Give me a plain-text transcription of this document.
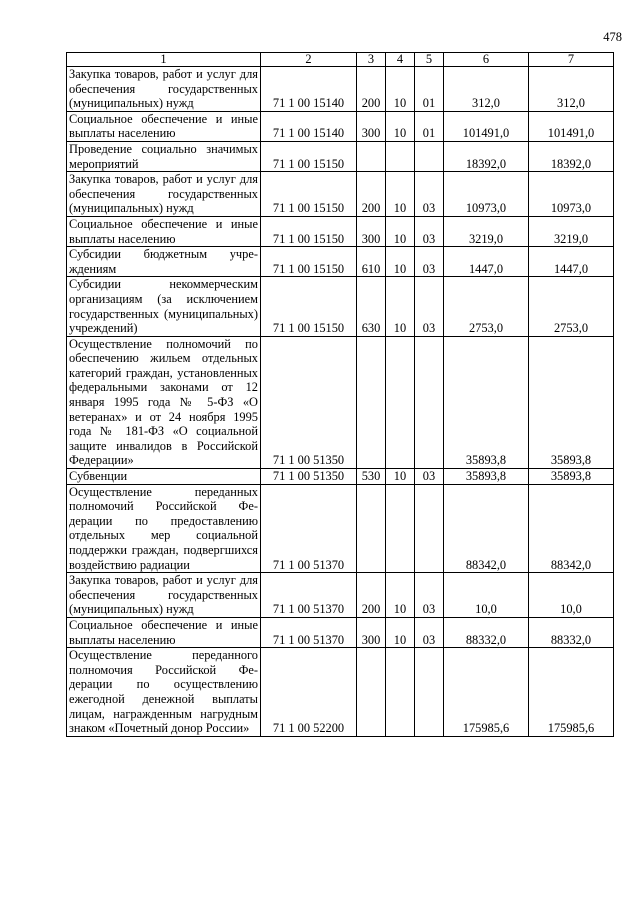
478
1	2	3	4	5	6	7
Закупка товаров, работ и услуг для обеспечения государственных (муниципальных) нужд	71 1 00 15140	200	10	01	312,0	312,0
Социальное обеспечение и иные выплаты населению	71 1 00 15140	300	10	01	101491,0	101491,0
Проведение социально значимых мероприятий	71 1 00 15150				18392,0	18392,0
Закупка товаров, работ и услуг для обеспечения государственных (муниципальных) нужд	71 1 00 15150	200	10	03	10973,0	10973,0
Социальное обеспечение и иные выплаты населению	71 1 00 15150	300	10	03	3219,0	3219,0
Субсидии бюджетным учреждениям	71 1 00 15150	610	10	03	1447,0	1447,0
Субсидии некоммерческим организациям (за исключением государственных (муниципальных) учреждений)	71 1 00 15150	630	10	03	2753,0	2753,0
Осуществление полномочий по обеспечению жильем отдельных категорий граждан, установленных федеральными законами от 12 января 1995 года № 5-ФЗ «О ветеранах» и от 24 ноября 1995 года № 181-ФЗ «О социальной защите инвалидов в Российской Федерации»	71 1 00 51350				35893,8	35893,8
Субвенции	71 1 00 51350	530	10	03	35893,8	35893,8
Осуществление переданных полномочий Российской Федерации по предоставлению отдельных мер социальной поддержки граждан, подвергшихся воздействию радиации	71 1 00 51370				88342,0	88342,0
Закупка товаров, работ и услуг для обеспечения государственных (муниципальных) нужд	71 1 00 51370	200	10	03	10,0	10,0
Социальное обеспечение и иные выплаты населению	71 1 00 51370	300	10	03	88332,0	88332,0
Осуществление переданного полномочия Российской Федерации по осуществлению ежегодной денежной выплаты лицам, награжденным нагрудным знаком «Почетный донор России»	71 1 00 52200				175985,6	175985,6
